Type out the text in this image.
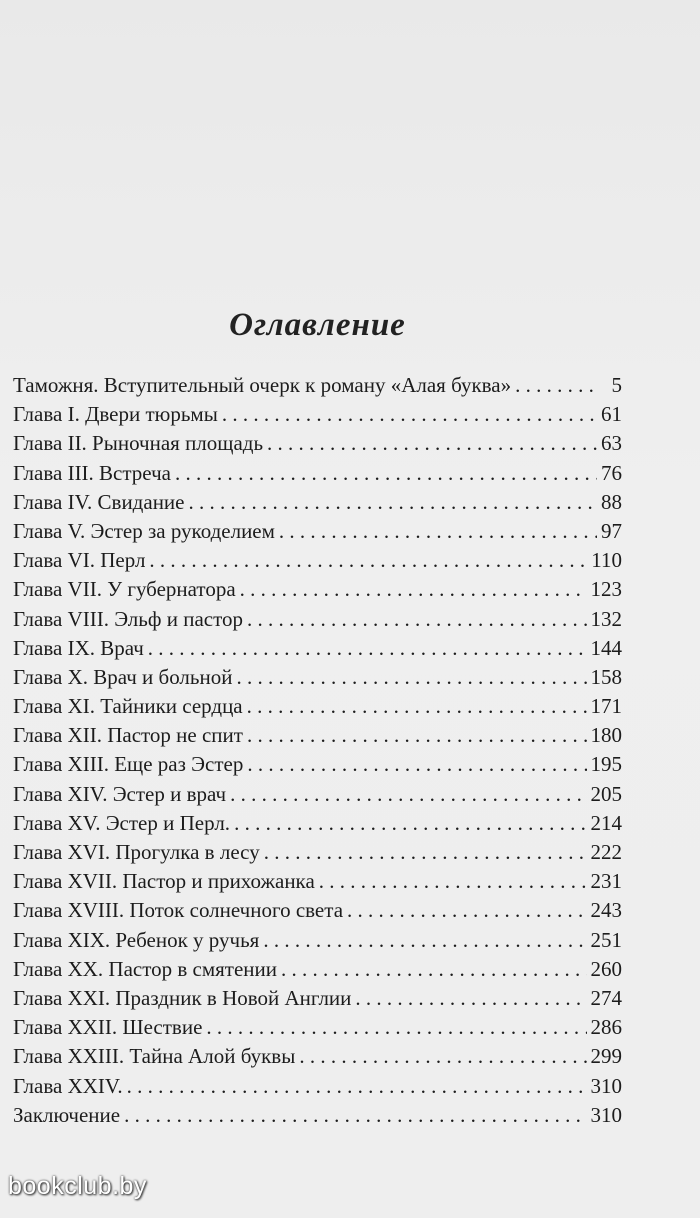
Оглавление
Таможня. Вступительный очерк к роману «Алая буква» . . .	5
Глава I. Двери тюрьмы . . .	61
Глава II. Рыночная площадь . . .	63
Глава III. Встреча . . .	76
Глава IV. Свидание . . .	88
Глава V. Эстер за рукоделием . . .	97
Глава VI. Перл . . .	110
Глава VII. У губернатора . . .	123
Глава VIII. Эльф и пастор . . .	132
Глава IX. Врач . . .	144
Глава X. Врач и больной . . .	158
Глава XI. Тайники сердца . . .	171
Глава XII. Пастор не спит . . .	180
Глава XIII. Еще раз Эстер . . .	195
Глава XIV. Эстер и врач . . .	205
Глава XV. Эстер и Перл. . . .	214
Глава XVI. Прогулка в лесу . . .	222
Глава XVII. Пастор и прихожанка . . .	231
Глава XVIII. Поток солнечного света . . .	243
Глава XIX. Ребенок у ручья . . .	251
Глава XX. Пастор в смятении . . .	260
Глава XXI. Праздник в Новой Англии . . .	274
Глава XXII. Шествие . . .	286
Глава XXIII. Тайна Алой буквы . . .	299
Глава XXIV. . . .	310
Заключение . . .	310
bookclub.by
